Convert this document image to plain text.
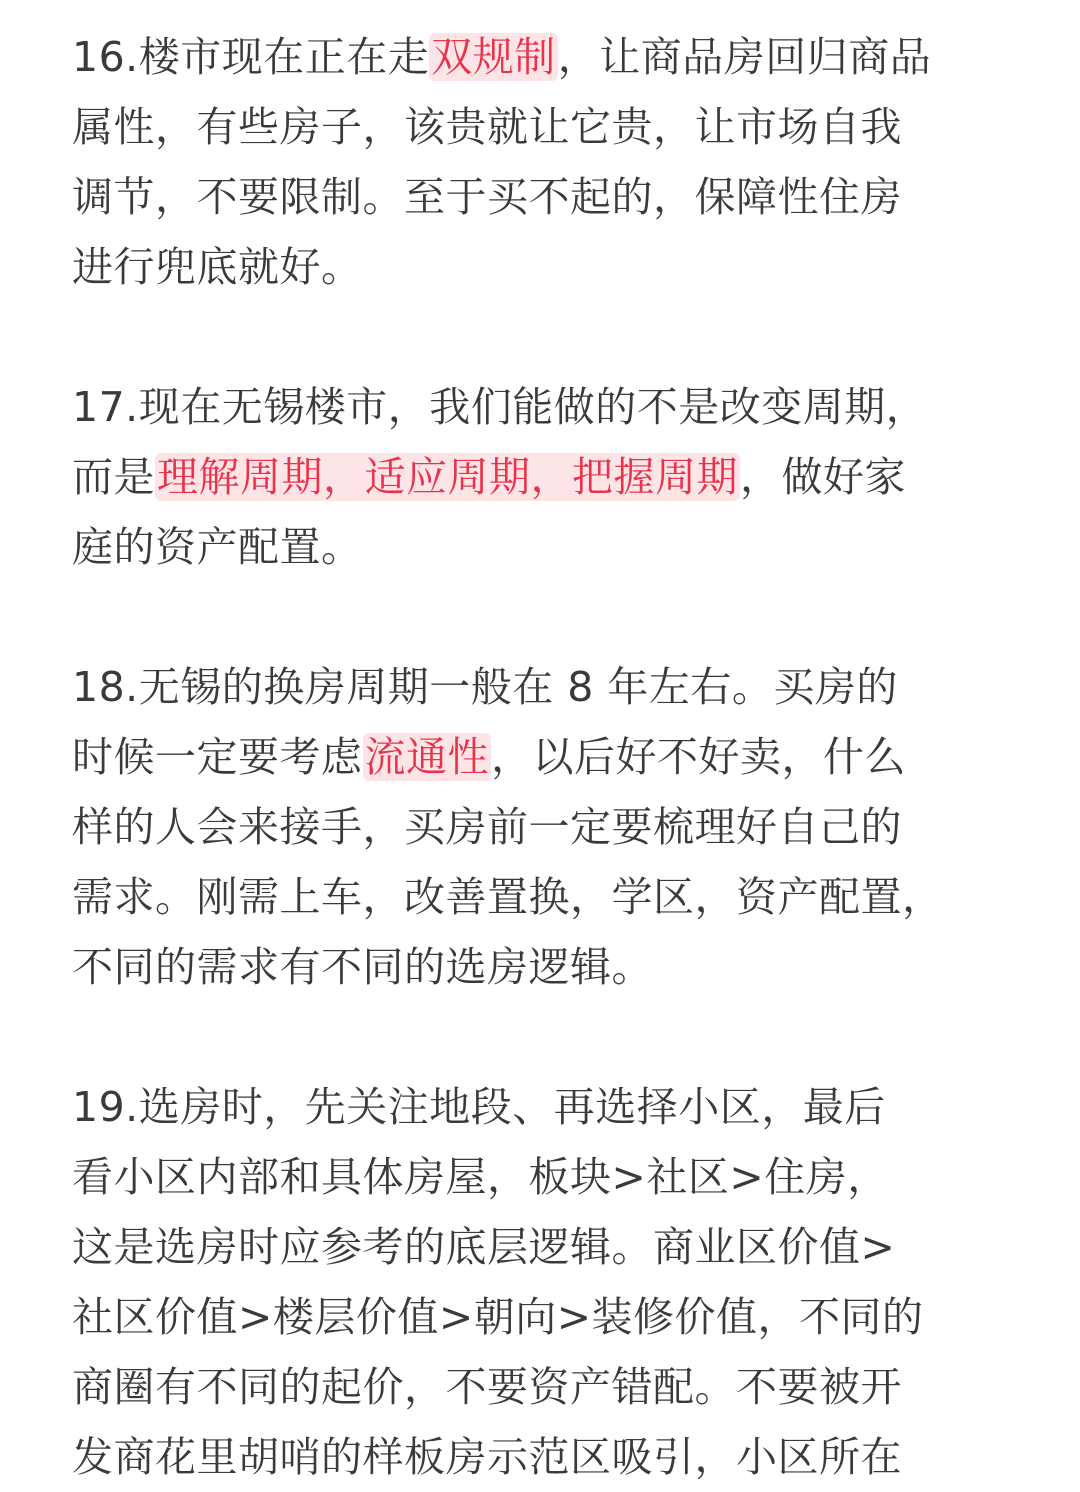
16.楼市现在正在走双规制，让商品房回归商品
属性，有些房子，该贵就让它贵，让市场自我
调节，不要限制。至于买不起的，保障性住房
进行兜底就好。
17.现在无锡楼市，我们能做的不是改变周期，
而是理解周期，适应周期，把握周期，做好家
庭的资产配置。
18.无锡的换房周期一般在 8 年左右。买房的
时候一定要考虑流通性，以后好不好卖，什么
样的人会来接手，买房前一定要梳理好自己的
需求。刚需上车，改善置换，学区，资产配置，
不同的需求有不同的选房逻辑。
19.选房时，先关注地段、再选择小区，最后
看小区内部和具体房屋，板块>社区>住房，
这是选房时应参考的底层逻辑。商业区价值>
社区价值>楼层价值>朝向>装修价值，不同的
商圈有不同的起价，不要资产错配。不要被开
发商花里胡哨的样板房示范区吸引，小区所在
